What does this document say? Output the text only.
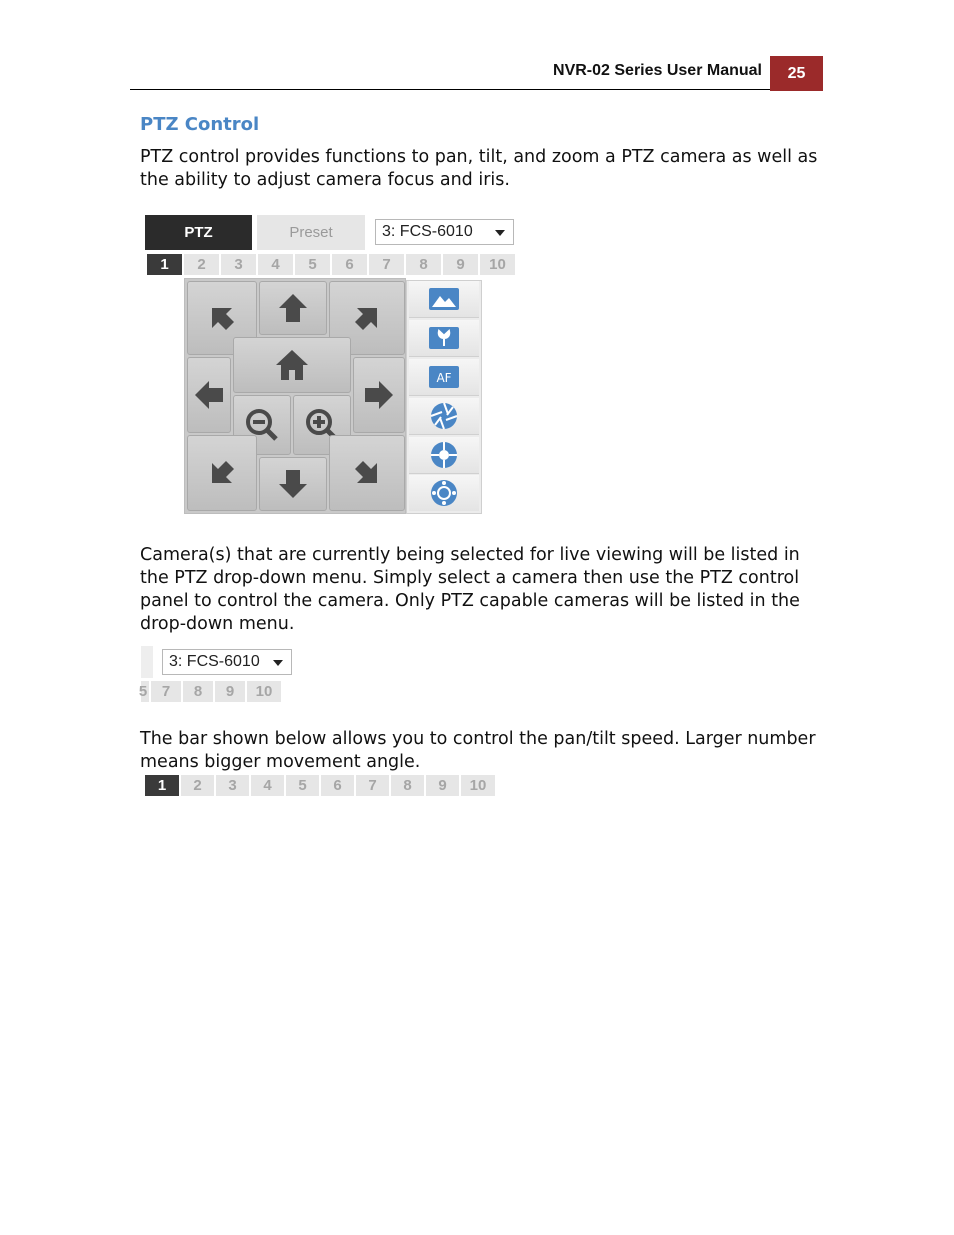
NVR-02 Series User Manual	25
PTZ Control

PTZ control provides functions to pan, tilt, and zoom a PTZ camera as well as the ability to adjust camera focus and iris.

PTZ	Preset	3: FCS-6010
1	2	3	4	5	6	7	8	9	10
AF

Camera(s) that are currently being selected for live viewing will be listed in the PTZ drop-down menu. Simply select a camera then use the PTZ control panel to control the camera. Only PTZ capable cameras will be listed in the drop-down menu.

3: FCS-6010
5 7	8	9	10

The bar shown below allows you to control the pan/tilt speed. Larger number means bigger movement angle.

1	2	3	4	5	6	7	8	9	10
